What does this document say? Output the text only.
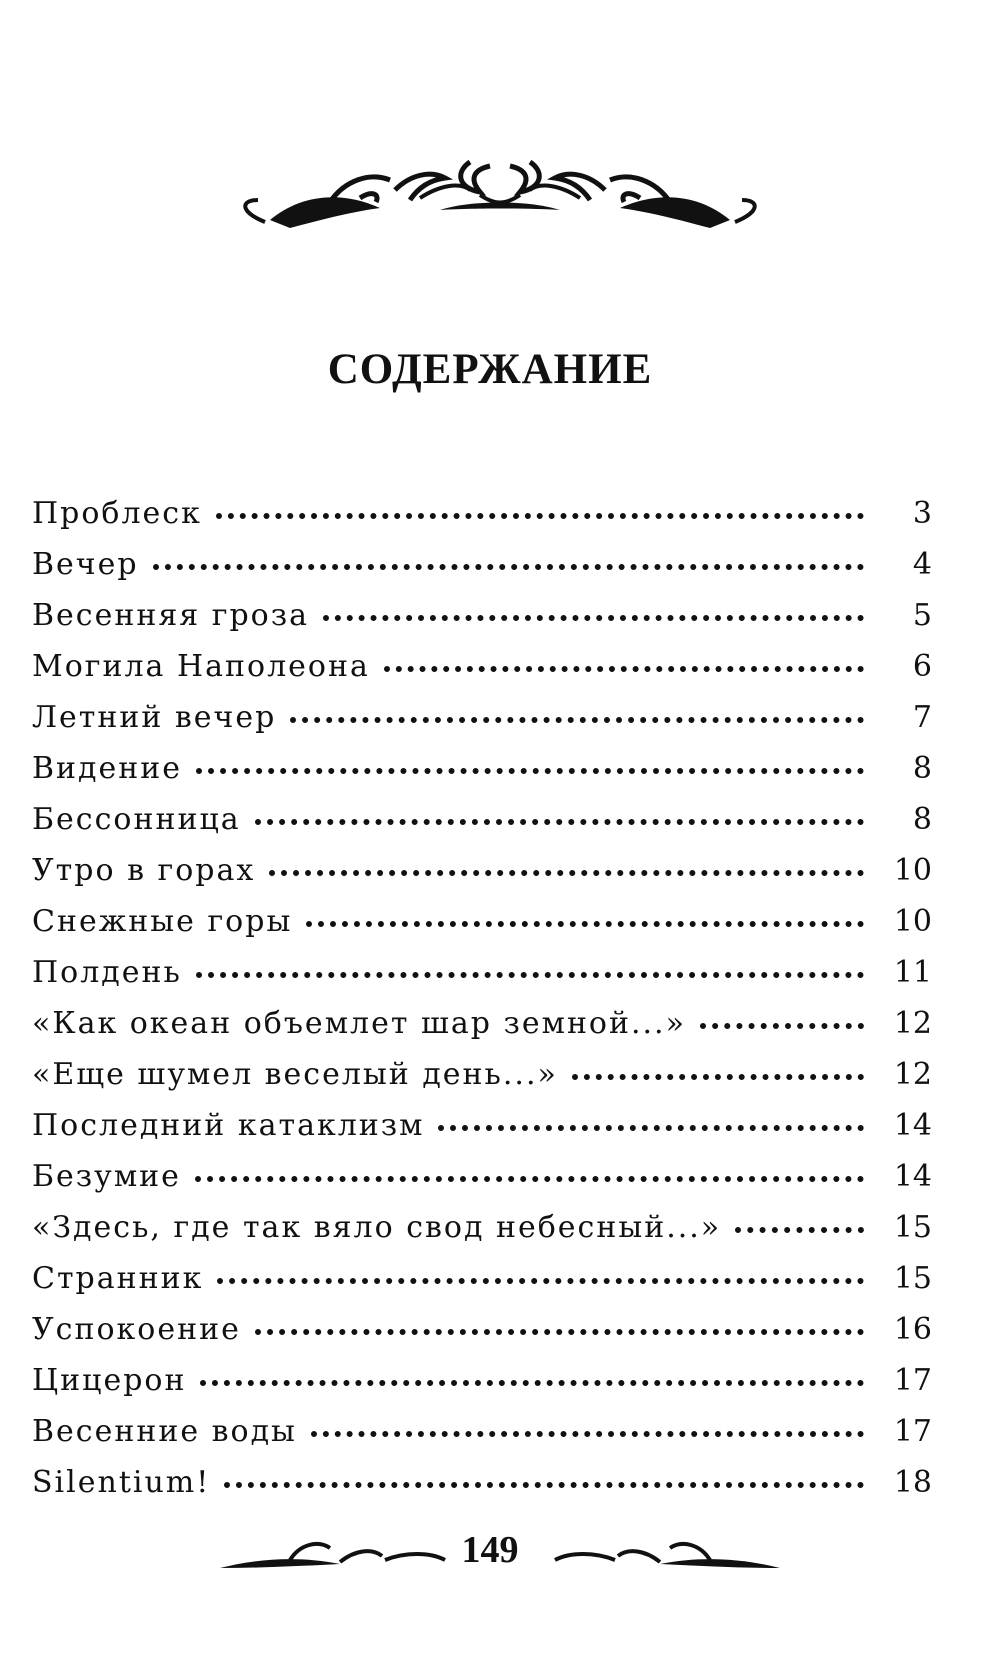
СОДЕРЖАНИЕ
Проблеск	3
Вечер	4
Весенняя гроза	5
Могила Наполеона	6
Летний вечер	7
Видение	8
Бессонница	8
Утро в горах	10
Снежные горы	10
Полдень	11
«Как океан объемлет шар земной...»	12
«Еще шумел веселый день...»	12
Последний катаклизм	14
Безумие	14
«Здесь, где так вяло свод небесный...»	15
Странник	15
Успокоение	16
Цицерон	17
Весенние воды	17
Silentium!	18
149
